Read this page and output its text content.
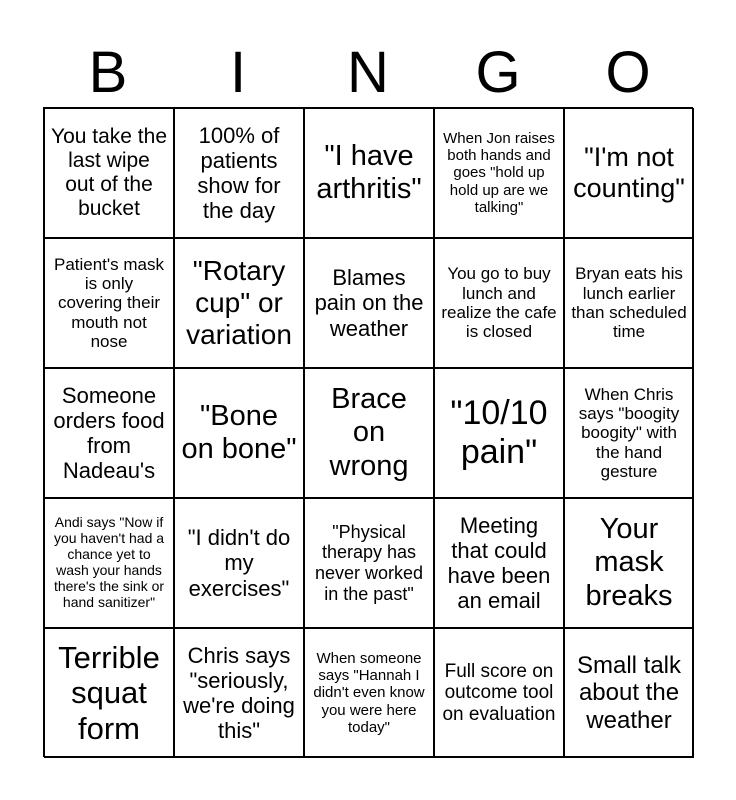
B	I	N	G	O
You take the last wipe out of the bucket
100% of patients show for the day
"I have arthritis"
When Jon raises both hands and goes "hold up hold up are we talking"
"I'm not counting"
Patient's mask is only covering their mouth not nose
"Rotary cup" or variation
Blames pain on the weather
You go to buy lunch and realize the cafe is closed
Bryan eats his lunch earlier than scheduled time
Someone orders food from Nadeau's
"Bone on bone"
Brace on wrong
"10/10 pain"
When Chris says "boogity boogity" with the hand gesture
Andi says "Now if you haven't had a chance yet to wash your hands there's the sink or hand sanitizer"
"I didn't do my exercises"
"Physical therapy has never worked in the past"
Meeting that could have been an email
Your mask breaks
Terrible squat form
Chris says "seriously, we're doing this"
When someone says "Hannah I didn't even know you were here today"
Full score on outcome tool on evaluation
Small talk about the weather
